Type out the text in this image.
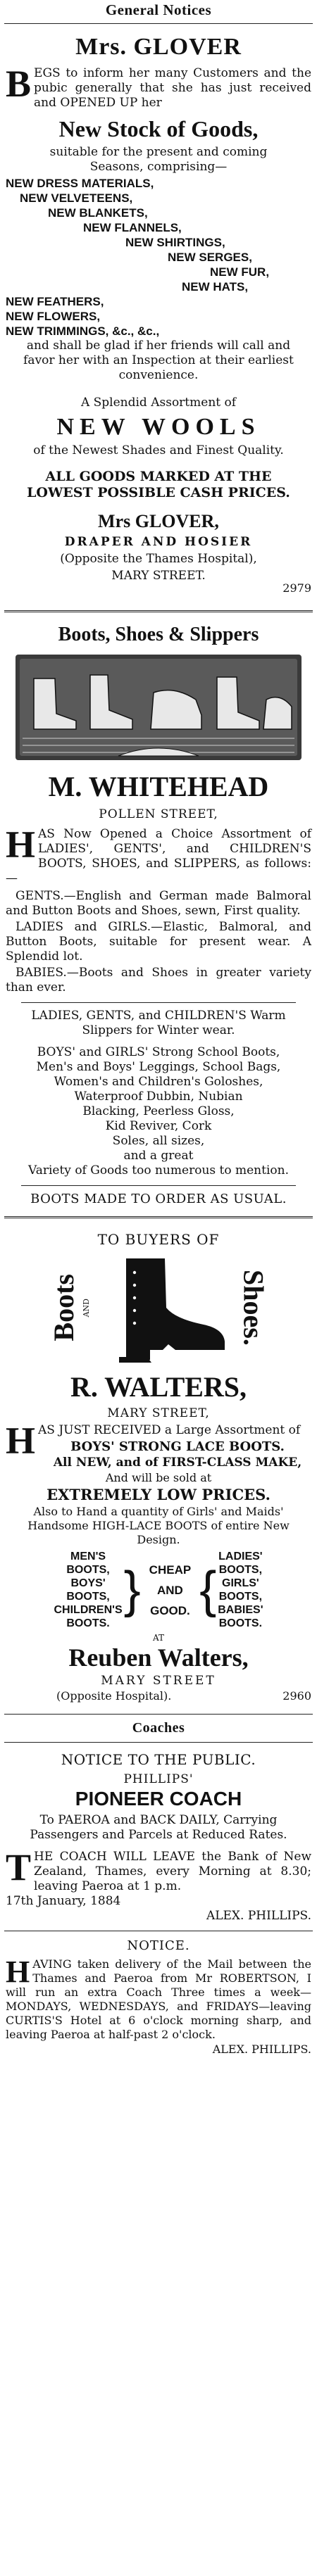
General Notices
Mrs. GLOVER
BEGS to inform her many Customers and the pubic generally that she has just received and OPENED UP her
New Stock of Goods,
suitable for the present and coming Seasons, comprising—
NEW DRESS MATERIALS,
NEW VELVETEENS,
NEW BLANKETS,
NEW FLANNELS,
NEW SHIRTINGS,
NEW SERGES,
NEW FUR,
NEW HATS,
NEW FEATHERS,
NEW FLOWERS,
NEW TRIMMINGS, &c., &c.,
and shall be glad if her friends will call and favor her with an Inspection at their earliest convenience.
A Splendid Assortment of
NEW WOOLS
of the Newest Shades and Finest Quality.
ALL GOODS MARKED AT THE LOWEST POSSIBLE CASH PRICES.
Mrs GLOVER,
DRAPER AND HOSIER
(Opposite the Thames Hospital),
MARY STREET.
2979
Boots, Shoes & Slippers
M. WHITEHEAD
POLLEN STREET,
HAS Now Opened a Choice Assortment of LADIES', GENTS', and CHILDREN'S BOOTS, SHOES, and SLIPPERS, as follows:—
GENTS.—English and German made Balmoral and Button Boots and Shoes, sewn, First quality.
LADIES and GIRLS.—Elastic, Balmoral, and Button Boots, suitable for present wear. A Splendid lot.
BABIES.—Boots and Shoes in greater variety than ever.
LADIES, GENTS, and CHILDREN'S Warm Slippers for Winter wear.
BOYS' and GIRLS' Strong School Boots,
Men's and Boys' Leggings, School Bags,
Women's and Children's Goloshes,
Waterproof Dubbin, Nubian
Blacking, Peerless Gloss,
Kid Reviver, Cork
Soles, all sizes,
and a great
Variety of Goods too numerous to mention.
BOOTS MADE TO ORDER AS USUAL.
TO BUYERS OF
Boots AND	Shoes.
R. WALTERS,
MARY STREET,
HAS JUST RECEIVED a Large Assortment of
BOYS' STRONG LACE BOOTS.
All NEW, and of FIRST-CLASS MAKE,
And will be sold at
EXTREMELY LOW PRICES.
Also to Hand a quantity of Girls' and Maids' Handsome HIGH-LACE BOOTS of entire New Design.
MEN'S
BOOTS,
BOYS'
BOOTS,
CHILDREN'S
BOOTS.
} CHEAP
AND
GOOD. {
LADIES'
BOOTS,
GIRLS'
BOOTS,
BABIES'
BOOTS.
AT
Reuben Walters,
MARY STREET
(Opposite Hospital).	2960
Coaches
NOTICE TO THE PUBLIC.
PHILLIPS'
PIONEER COACH
To PAEROA and BACK DAILY, Carrying Passengers and Parcels at Reduced Rates.
THE COACH WILL LEAVE the Bank of New Zealand, Thames, every Morning at 8.30; leaving Paeroa at 1 p.m.
17th January, 1884
ALEX. PHILLIPS.
NOTICE.
HAVING taken delivery of the Mail between the Thames and Paeroa from Mr ROBERTSON, I will run an extra Coach Three times a week—MONDAYS, WEDNESDAYS, and FRIDAYS—leaving CURTIS'S Hotel at 6 o'clock morning sharp, and leaving Paeroa at half-past 2 o'clock.
ALEX. PHILLIPS.
